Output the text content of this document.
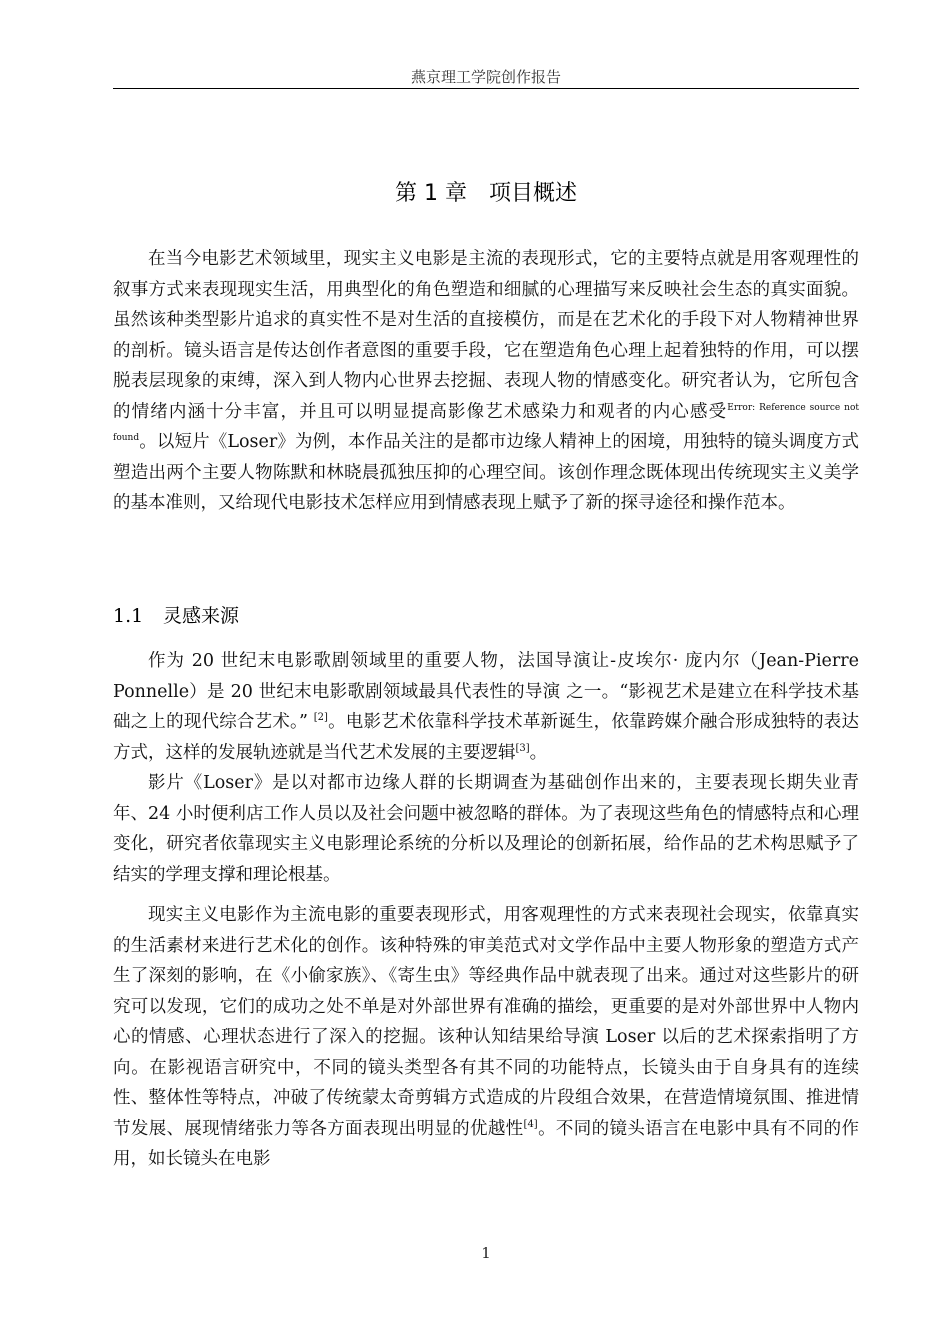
燕京理工学院创作报告
第 1 章　项目概述

在当今电影艺术领域里，现实主义电影是主流的表现形式，它的主要特点就是用客观理性的叙事方式来表现现实生活，用典型化的角色塑造和细腻的心理描写来反映社会生态的真实面貌。虽然该种类型影片追求的真实性不是对生活的直接模仿，而是在艺术化的手段下对人物精神世界的剖析。镜头语言是传达创作者意图的重要手段，它在塑造角色心理上起着独特的作用，可以摆脱表层现象的束缚，深入到人物内心世界去挖掘、表现人物的情感变化。研究者认为，它所包含的情绪内涵十分丰富，并且可以明显提高影像艺术感染力和观者的内心感受$^{Error: Reference source not found}$。以短片《Loser》为例，本作品关注的是都市边缘人精神上的困境，用独特的镜头调度方式塑造出两个主要人物陈默和林晓晨孤独压抑的心理空间。该创作理念既体现出传统现实主义美学的基本准则，又给现代电影技术怎样应用到情感表现上赋予了新的探寻途径和操作范本。

1.1 灵感来源

作为 20 世纪末电影歌剧领域里的重要人物，法国导演让-皮埃尔· 庞内尔（Jean-Pierre Ponnelle）是 20 世纪末电影歌剧领域最具代表性的导演 之一。“影视艺术是建立在科学技术基础之上的现代综合艺术。” [2]。电影艺术依靠科学技术革新诞生，依靠跨媒介融合形成独特的表达方式，这样的发展轨迹就是当代艺术发展的主要逻辑[3]。

影片《Loser》是以对都市边缘人群的长期调查为基础创作出来的，主要表现长期失业青年、24 小时便利店工作人员以及社会问题中被忽略的群体。为了表现这些角色的情感特点和心理变化，研究者依靠现实主义电影理论系统的分析以及理论的创新拓展，给作品的艺术构思赋予了结实的学理支撑和理论根基。

现实主义电影作为主流电影的重要表现形式，用客观理性的方式来表现社会现实，依靠真实的生活素材来进行艺术化的创作。该种特殊的审美范式对文学作品中主要人物形象的塑造方式产生了深刻的影响，在《小偷家族》、《寄生虫》等经典作品中就表现了出来。通过对这些影片的研究可以发现，它们的成功之处不单是对外部世界有准确的描绘，更重要的是对外部世界中人物内心的情感、心理状态进行了深入的挖掘。该种认知结果给导演 Loser 以后的艺术探索指明了方向。在影视语言研究中，不同的镜头类型各有其不同的功能特点，长镜头由于自身具有的连续性、整体性等特点，冲破了传统蒙太奇剪辑方式造成的片段组合效果，在营造情境氛围、推进情节发展、展现情绪张力等各方面表现出明显的优越性[4]。不同的镜头语言在电影中具有不同的作 用，如长镜头在电影

1
